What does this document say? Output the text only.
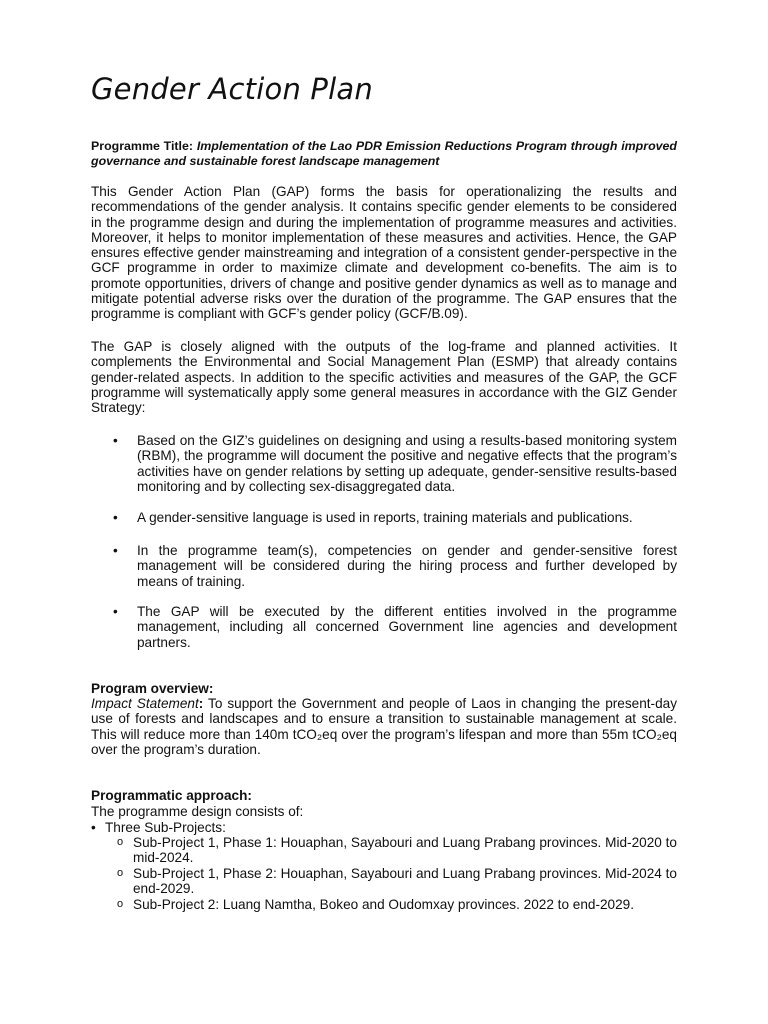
Gender Action Plan
Programme Title: Implementation of the Lao PDR Emission Reductions Program through improved governance and sustainable forest landscape management

This Gender Action Plan (GAP) forms the basis for operationalizing the results and recommendations of the gender analysis. It contains specific gender elements to be considered in the programme design and during the implementation of programme measures and activities. Moreover, it helps to monitor implementation of these measures and activities. Hence, the GAP ensures effective gender mainstreaming and integration of a consistent gender-perspective in the GCF programme in order to maximize climate and development co-benefits. The aim is to promote opportunities, drivers of change and positive gender dynamics as well as to manage and mitigate potential adverse risks over the duration of the programme. The GAP ensures that the programme is compliant with GCF’s gender policy (GCF/B.09).

The GAP is closely aligned with the outputs of the log-frame and planned activities. It complements the Environmental and Social Management Plan (ESMP) that already contains gender-related aspects. In addition to the specific activities and measures of the GAP, the GCF programme will systematically apply some general measures in accordance with the GIZ Gender Strategy:

• Based on the GIZ’s guidelines on designing and using a results-based monitoring system (RBM), the programme will document the positive and negative effects that the program’s activities have on gender relations by setting up adequate, gender-sensitive results-based monitoring and by collecting sex-disaggregated data.
• A gender-sensitive language is used in reports, training materials and publications.
• In the programme team(s), competencies on gender and gender-sensitive forest management will be considered during the hiring process and further developed by means of training.
• The GAP will be executed by the different entities involved in the programme management, including all concerned Government line agencies and development partners.
Program overview:
Impact Statement: To support the Government and people of Laos in changing the present-day use of forests and landscapes and to ensure a transition to sustainable management at scale. This will reduce more than 140m tCO₂eq over the program’s lifespan and more than 55m tCO₂eq over the program’s duration.
Programmatic approach:
The programme design consists of:
• Three Sub-Projects:
o Sub-Project 1, Phase 1: Houaphan, Sayabouri and Luang Prabang provinces. Mid-2020 to mid-2024.
o Sub-Project 1, Phase 2: Houaphan, Sayabouri and Luang Prabang provinces. Mid-2024 to end-2029.
o Sub-Project 2: Luang Namtha, Bokeo and Oudomxay provinces. 2022 to end-2029.
